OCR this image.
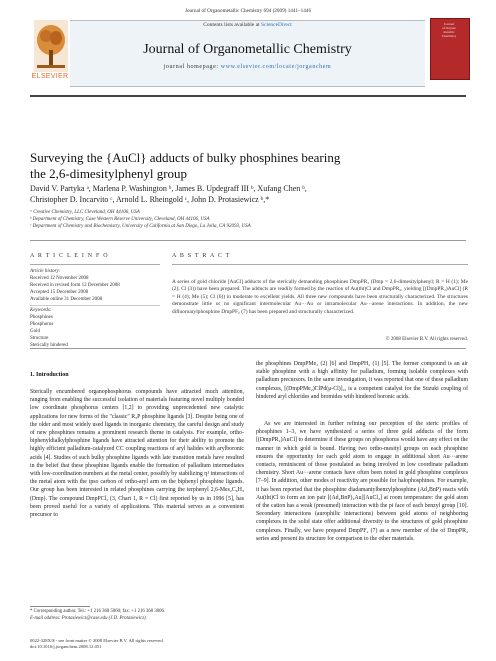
Journal of Organometallic Chemistry 694 (2009) 1441–1446
ELSEVIER
Contents lists available at ScienceDirect
Journal of Organometallic Chemistry
journal homepage: www.elsevier.com/locate/jorganchem
Journal
of Organo
metallic
Chemistry
Surveying the {AuCl} adducts of bulky phosphines bearing
the 2,6-dimesitylphenyl group
David V. Partyka ᵃ, Marlena P. Washington ᵇ, James B. Updegraff III ᵇ, Xufang Chen ᵇ,
Christopher D. Incarvito ᶜ, Arnold L. Rheingold ᶜ, John D. Protasiewicz ᵇ,*
ᵃ Creative Chemistry, LLC Cleveland, OH 44106, USA
ᵇ Department of Chemistry, Case Western Reserve University, Cleveland, OH 44106, USA
ᶜ Department of Chemistry and Biochemistry, University of California at San Diego, La Jolla, CA 92093, USA
A R T I C L E I N F O
Article history:
Received 12 November 2008
Received in revised form 12 December 2008
Accepted 15 December 2008
Available online 31 December 2008
Keywords:
Phosphines
Phosphorus
Gold
Structure
Sterically hindered
A B S T R A C T
A series of gold chloride [AuCl] adducts of the sterically demanding phosphines DmpPR₂ (Dmp = 2,6-dimesitylphenyl; R = H (1); Me (2); Cl (3)) have been prepared. The adducts are readily formed by the reaction of Au(tht)Cl and DmpPR₂, yielding [(DmpPR₂)AuCl] (R = H (4); Me (5); Cl (6)) in moderate to excellent yields. All three new compounds have been structurally characterized. The structures demonstrate little or no significant intermolecular Au···Au or intramolecular Au···arene interactions. In addition, the new difluoroarylphosphine DmpPF₂ (7) has been prepared and structurally characterized.
© 2008 Elsevier B.V. All rights reserved.
1. Introduction
Sterically encumbered organophosphorus compounds have attracted much attention, ranging from enabling the successful isolation of materials featuring novel multiply bonded low coordinate phosphorus centers [1,2] to providing unprecedented new catalytic applications for new forms of the "classic" R₃P phosphine ligands [3]. Despite being one of the older and most widely used ligands in inorganic chemistry, the careful design and study of new phosphines remains a prominent research theme in catalysis. For example, ortho-biphenyldialkylphosphine ligands have attracted attention for their ability to promote the highly efficient palladium-catalyzed CC coupling reactions of aryl halides with arylboronic acids [4]. Studies of such bulky phosphine ligands with late transition metals have resulted in the belief that these phosphine ligands enable the formation of palladium intermediates with low-coordination numbers at the metal center, possibly by stabilizing η¹ interactions of the metal atom with the ipso carbon of ortho-aryl arm on the biphenyl phosphine ligands. Our group has been interested in related phosphines carrying the terphenyl 2,6-Mes₂C₆H₃ (Dmp). The compound DmpPCl₂ (3, Chart 1, R = Cl) first reported by us in 1996 [5], has been proved useful for a variety of applications. This material serves as a convenient precursor to
the phosphines DmpPMe₂ (2) [6] and DmpPH₂ (1) [5]. The former compound is an air stable phosphine with a high affinity for palladium, forming isolable complexes with palladium precursors. In the same investigation, it was reported that one of these palladium complexes, [(DmpPMe₂)ClPd(μ-Cl)]₂, is a competent catalyst for the Suzuki coupling of hindered aryl chlorides and bromides with hindered boronic acids.
As we are interested in further refining our perception of the steric profiles of phosphines 1–3, we have synthesized a series of three gold adducts of the form [(DmpPR₂)AuCl] to determine if these groups on phosphorus would have any effect on the manner in which gold is bound. Having two ortho-mesityl groups on each phosphine ensures the opportunity for each gold atom to engage in additional short Au···arene contacts, reminiscent of those postulated as being involved in low coordinate palladium chemistry. Short Au···arene contacts have often been noted in gold phosphine complexes [7–9]. In addition, other modes of reactivity are possible for halophosphines. For example, it has been reported that the phosphine diadamantylbenzylphosphine (Ad₂BnP) reacts with Au(tht)Cl to form an ion pair [(Ad₂BnP)₂Au][AuCl₂] at room temperature: the gold atom of the cation has a weak (presumed) interaction with the pi face of each benzyl group [10]. Secondary interactions (aurophilic interactions) between gold atoms of neighboring complexes in the solid state offer additional diversity to the structures of gold phosphine complexes. Finally, we have prepared DmpPF₂ (7) as a new member of the of DmpPR₂ series and present its structure for comparison to the other materials.
* Corresponding author. Tel.: +1 216 368 5060; fax: +1 216 368 3006.
E-mail address: Protasiewicz@case.edu (J.D. Protasiewicz).
0022-328X/$ - see front matter © 2008 Elsevier B.V. All rights reserved.
doi:10.1016/j.jorganchem.2008.12.051
